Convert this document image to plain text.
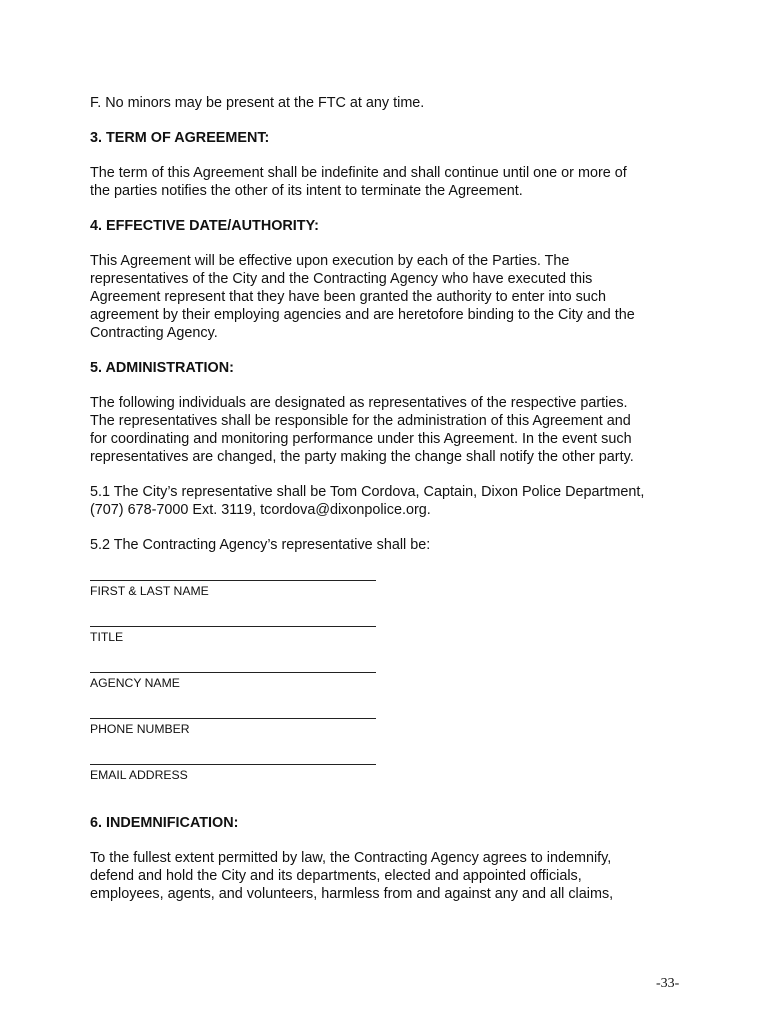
F. No minors may be present at the FTC at any time.

3. TERM OF AGREEMENT:

The term of this Agreement shall be indefinite and shall continue until one or more of
the parties notifies the other of its intent to terminate the Agreement.

4. EFFECTIVE DATE/AUTHORITY:

This Agreement will be effective upon execution by each of the Parties. The
representatives of the City and the Contracting Agency who have executed this
Agreement represent that they have been granted the authority to enter into such
agreement by their employing agencies and are heretofore binding to the City and the
Contracting Agency.

5. ADMINISTRATION:

The following individuals are designated as representatives of the respective parties.
The representatives shall be responsible for the administration of this Agreement and
for coordinating and monitoring performance under this Agreement. In the event such
representatives are changed, the party making the change shall notify the other party.

5.1 The City’s representative shall be Tom Cordova, Captain, Dixon Police Department,
(707) 678-7000 Ext. 3119, tcordova@dixonpolice.org.

5.2 The Contracting Agency’s representative shall be:

FIRST & LAST NAME
TITLE
AGENCY NAME
PHONE NUMBER
EMAIL ADDRESS
6. INDEMNIFICATION:

To the fullest extent permitted by law, the Contracting Agency agrees to indemnify,
defend and hold the City and its departments, elected and appointed officials,
employees, agents, and volunteers, harmless from and against any and all claims,

-33-
